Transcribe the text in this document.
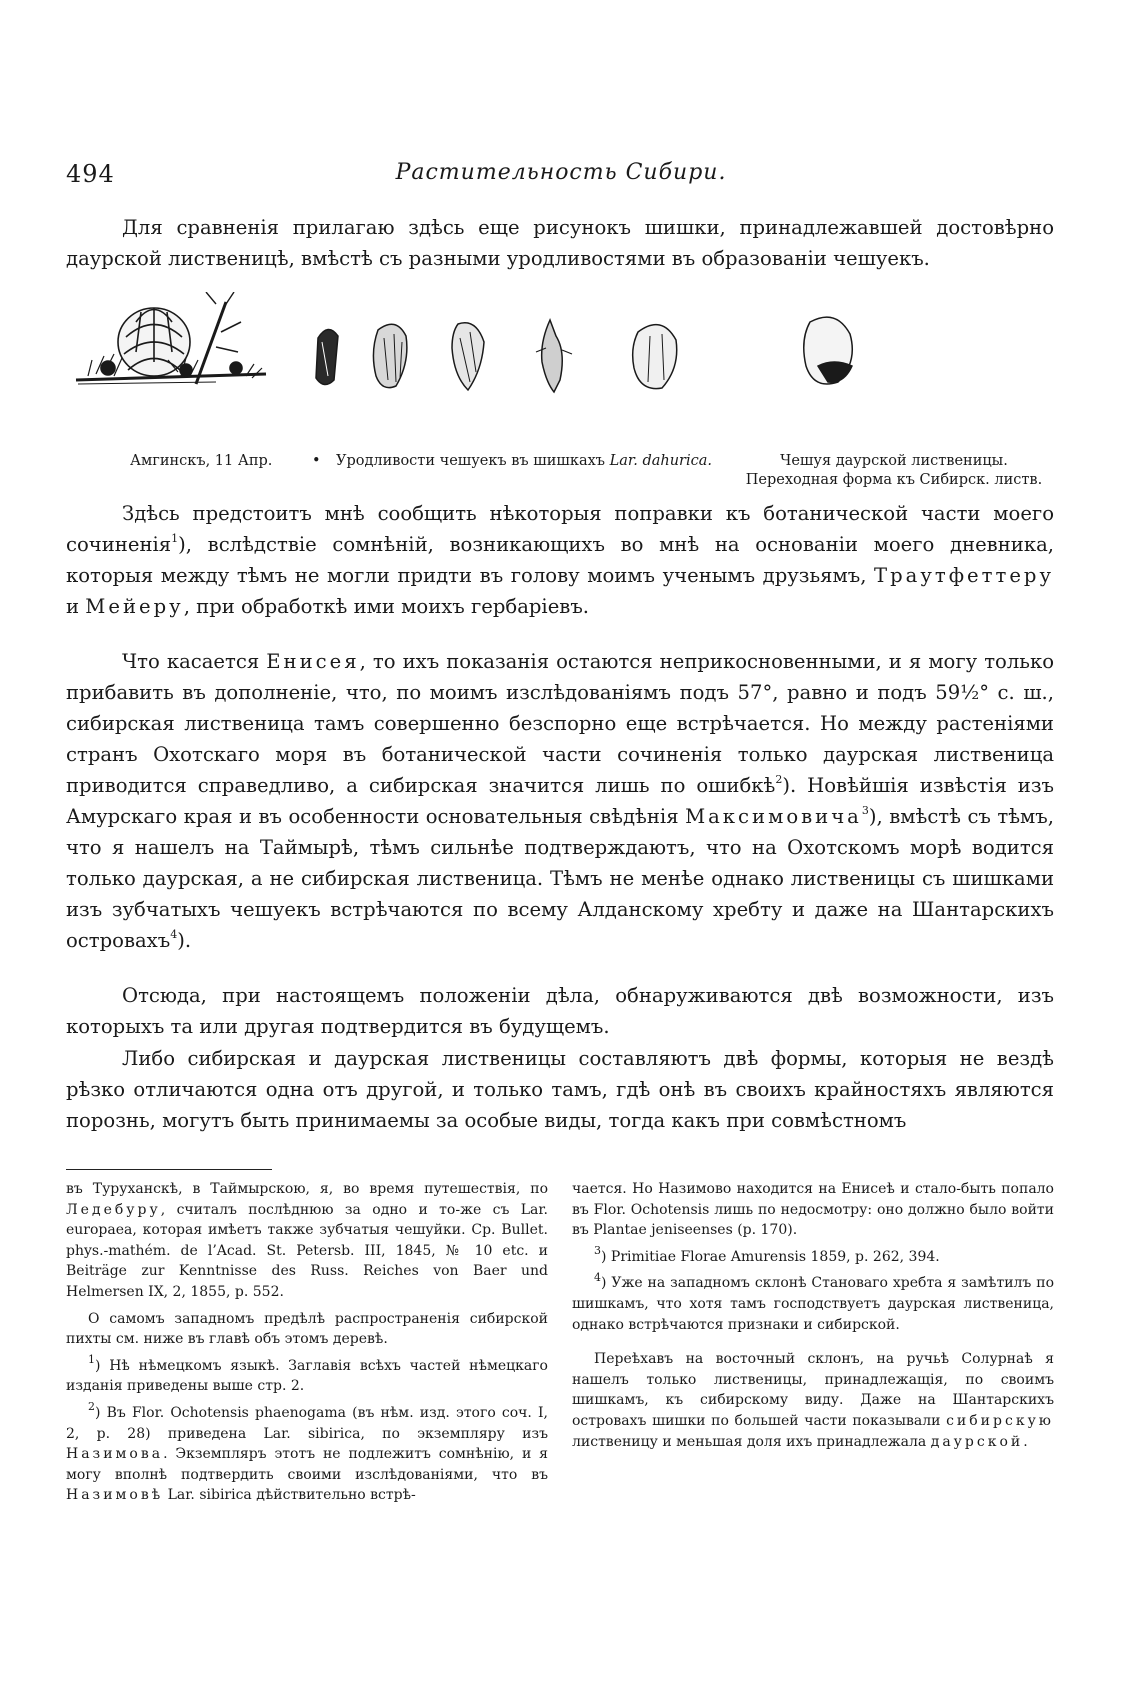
494	Растительность Сибири.

Для сравненія прилагаю здѣсь еще рисунокъ шишки, принадлежавшей достовѣрно даурской лиственицѣ, вмѣстѣ съ разными уродливостями въ образованіи чешуекъ.

Амгинскъ, 11 Апр.	• Уродливости чешуекъ въ шишкахъ Lar. dahurica.	Чешуя даурской лиственицы.
Переходная форма къ Сибирск. листв.

Здѣсь предстоитъ мнѣ сообщить нѣкоторыя поправки къ ботанической части моего сочиненія$^1$), вслѣдствіе сомнѣній, возникающихъ во мнѣ на основаніи моего дневника, которыя между тѣмъ не могли придти въ голову моимъ ученымъ друзьямъ, Траутфеттеру и Мейеру, при обработкѣ ими моихъ гербаріевъ.

Что касается Енисея, то ихъ показанія остаются неприкосновенными, и я могу только прибавить въ дополненіе, что, по моимъ изслѣдованіямъ подъ 57°, равно и подъ 59½° с. ш., сибирская лиственица тамъ совершенно безспорно еще встрѣчается. Но между растеніями странъ Охотскаго моря въ ботанической части сочиненія только даурская лиственица приводится справедливо, а сибирская значится лишь по ошибкѣ$^2$). Новѣйшія извѣстія изъ Амурскаго края и въ особенности основательныя свѣдѣнія Максимовича$^3$), вмѣстѣ съ тѣмъ, что я нашелъ на Таймырѣ, тѣмъ сильнѣе подтверждаютъ, что на Охотскомъ морѣ водится только даурская, а не сибирская лиственица. Тѣмъ не менѣе однако лиственицы съ шишками изъ зубчатыхъ чешуекъ встрѣчаются по всему Алданскому хребту и даже на Шантарскихъ островахъ$^4$).

Отсюда, при настоящемъ положеніи дѣла, обнаруживаются двѣ возможности, изъ которыхъ та или другая подтвердится въ будущемъ.

Либо сибирская и даурская лиственицы составляютъ двѣ формы, которыя не вездѣ рѣзко отличаются одна отъ другой, и только тамъ, гдѣ онѣ въ своихъ крайностяхъ являются порознь, могутъ быть принимаемы за особые виды, тогда какъ при совмѣстномъ

въ Туруханскѣ, в Таймырскою, я, во время путешествія, по Ледебуру, считалъ послѣднюю за одно и то-же съ Lar. europaea, которая имѣетъ также зубчатыя чешуйки. Ср. Bullet. phys.-mathém. de l’Acad. St. Petersb. III, 1845, № 10 etc. и Beiträge zur Kenntnisse des Russ. Reiches von Baer und Helmersen IX, 2, 1855, p. 552.

О самомъ западномъ предѣлѣ распространенія сибирской пихты см. ниже въ главѣ объ этомъ деревѣ.

$^1$) Нѣ нѣмецкомъ языкѣ. Заглавія всѣхъ частей нѣмецкаго изданія приведены выше стр. 2.

$^2$) Въ Flor. Ochotensis phaenogama (въ нѣм. изд. этого соч. I, 2, p. 28) приведена Lar. sibirica, по экземпляру изъ Назимова. Экземпляръ этотъ не подлежитъ сомнѣнію, и я могу вполнѣ подтвердить своими изслѣдованіями, что въ Назимовѣ Lar. sibirica дѣйствительно встрѣ-

чается. Но Назимово находится на Енисеѣ и стало-быть попало въ Flor. Ochotensis лишь по недосмотру: оно должно было войти въ Plantae jeniseenses (p. 170).

$^3$) Primitiae Florae Amurensis 1859, p. 262, 394.

$^4$) Уже на западномъ склонѣ Становаго хребта я замѣтилъ по шишкамъ, что хотя тамъ господствуетъ даурская лиственица, однако встрѣчаются признаки и сибирской.

Переѣхавъ на восточный склонъ, на ручьѣ Солурнаѣ я нашелъ только лиственицы, принадлежащія, по своимъ шишкамъ, къ сибирскому виду. Даже на Шантарскихъ островахъ шишки по большей части показывали сибирскую лиственицу и меньшая доля ихъ принадлежала даурской.
